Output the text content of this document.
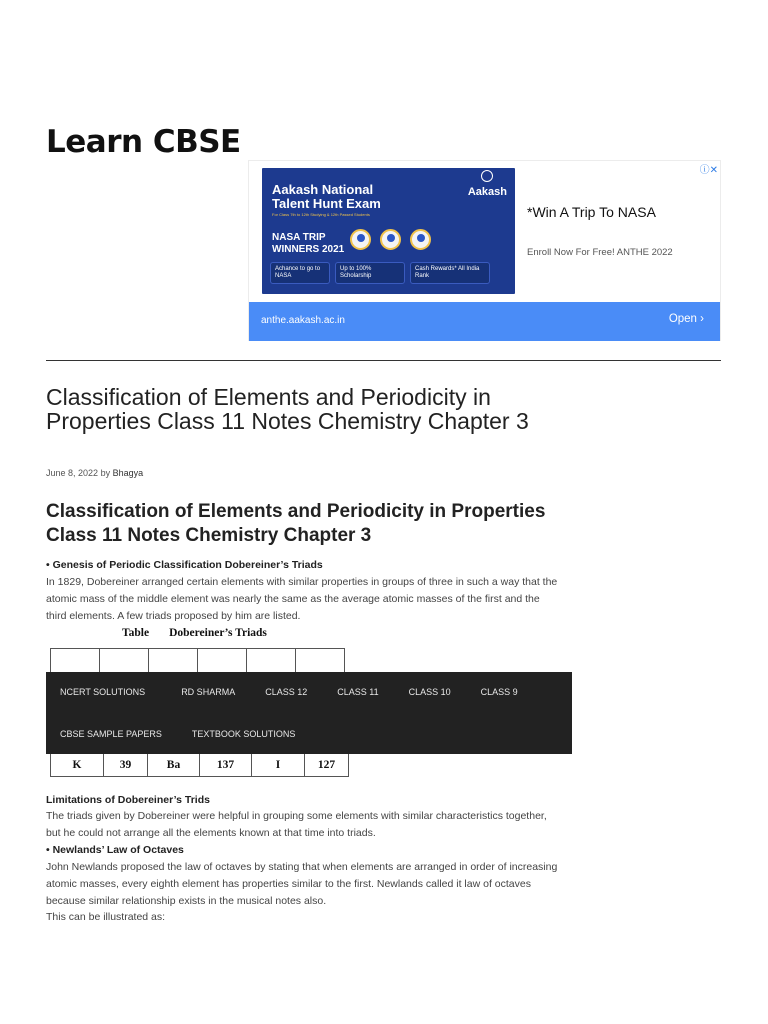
Learn CBSE
ⓘ✕
Aakash National Talent Hunt Exam
For Class 7th to 12th Studying & 12th Passed Students
Aakash
NASA TRIP WINNERS 2021
Achance to go to NASA
Up to 100% Scholarship
Cash Rewards* All India Rank
*Win A Trip To NASA
Enroll Now For Free! ANTHE 2022
anthe.aakash.ac.in	Open ›
Classification of Elements and Periodicity in Properties Class 11 Notes Chemistry Chapter 3
June 8, 2022 by Bhagya
Classification of Elements and Periodicity in Properties Class 11 Notes Chemistry Chapter 3
• Genesis of Periodic Classification Dobereiner’s Triads

In 1829, Dobereiner arranged certain elements with similar properties in groups of three in such a way that the atomic mass of the middle element was nearly the same as the average atomic masses of the first and the third elements. A few triads proposed by him are listed.

Table Dobereiner’s Triads

NCERT SOLUTIONS	RD SHARMA	CLASS 12	CLASS 11	CLASS 10	CLASS 9
CBSE SAMPLE PAPERS	TEXTBOOK SOLUTIONS
K	39	Ba	137	I	127
Limitations of Dobereiner’s Trids

The triads given by Dobereiner were helpful in grouping some elements with similar characteristics together, but he could not arrange all the elements known at that time into triads.

• Newlands’ Law of Octaves

John Newlands proposed the law of octaves by stating that when elements are arranged in order of increasing atomic masses, every eighth element has properties similar to the first. Newlands called it law of octaves because similar relationship exists in the musical notes also.

This can be illustrated as:
